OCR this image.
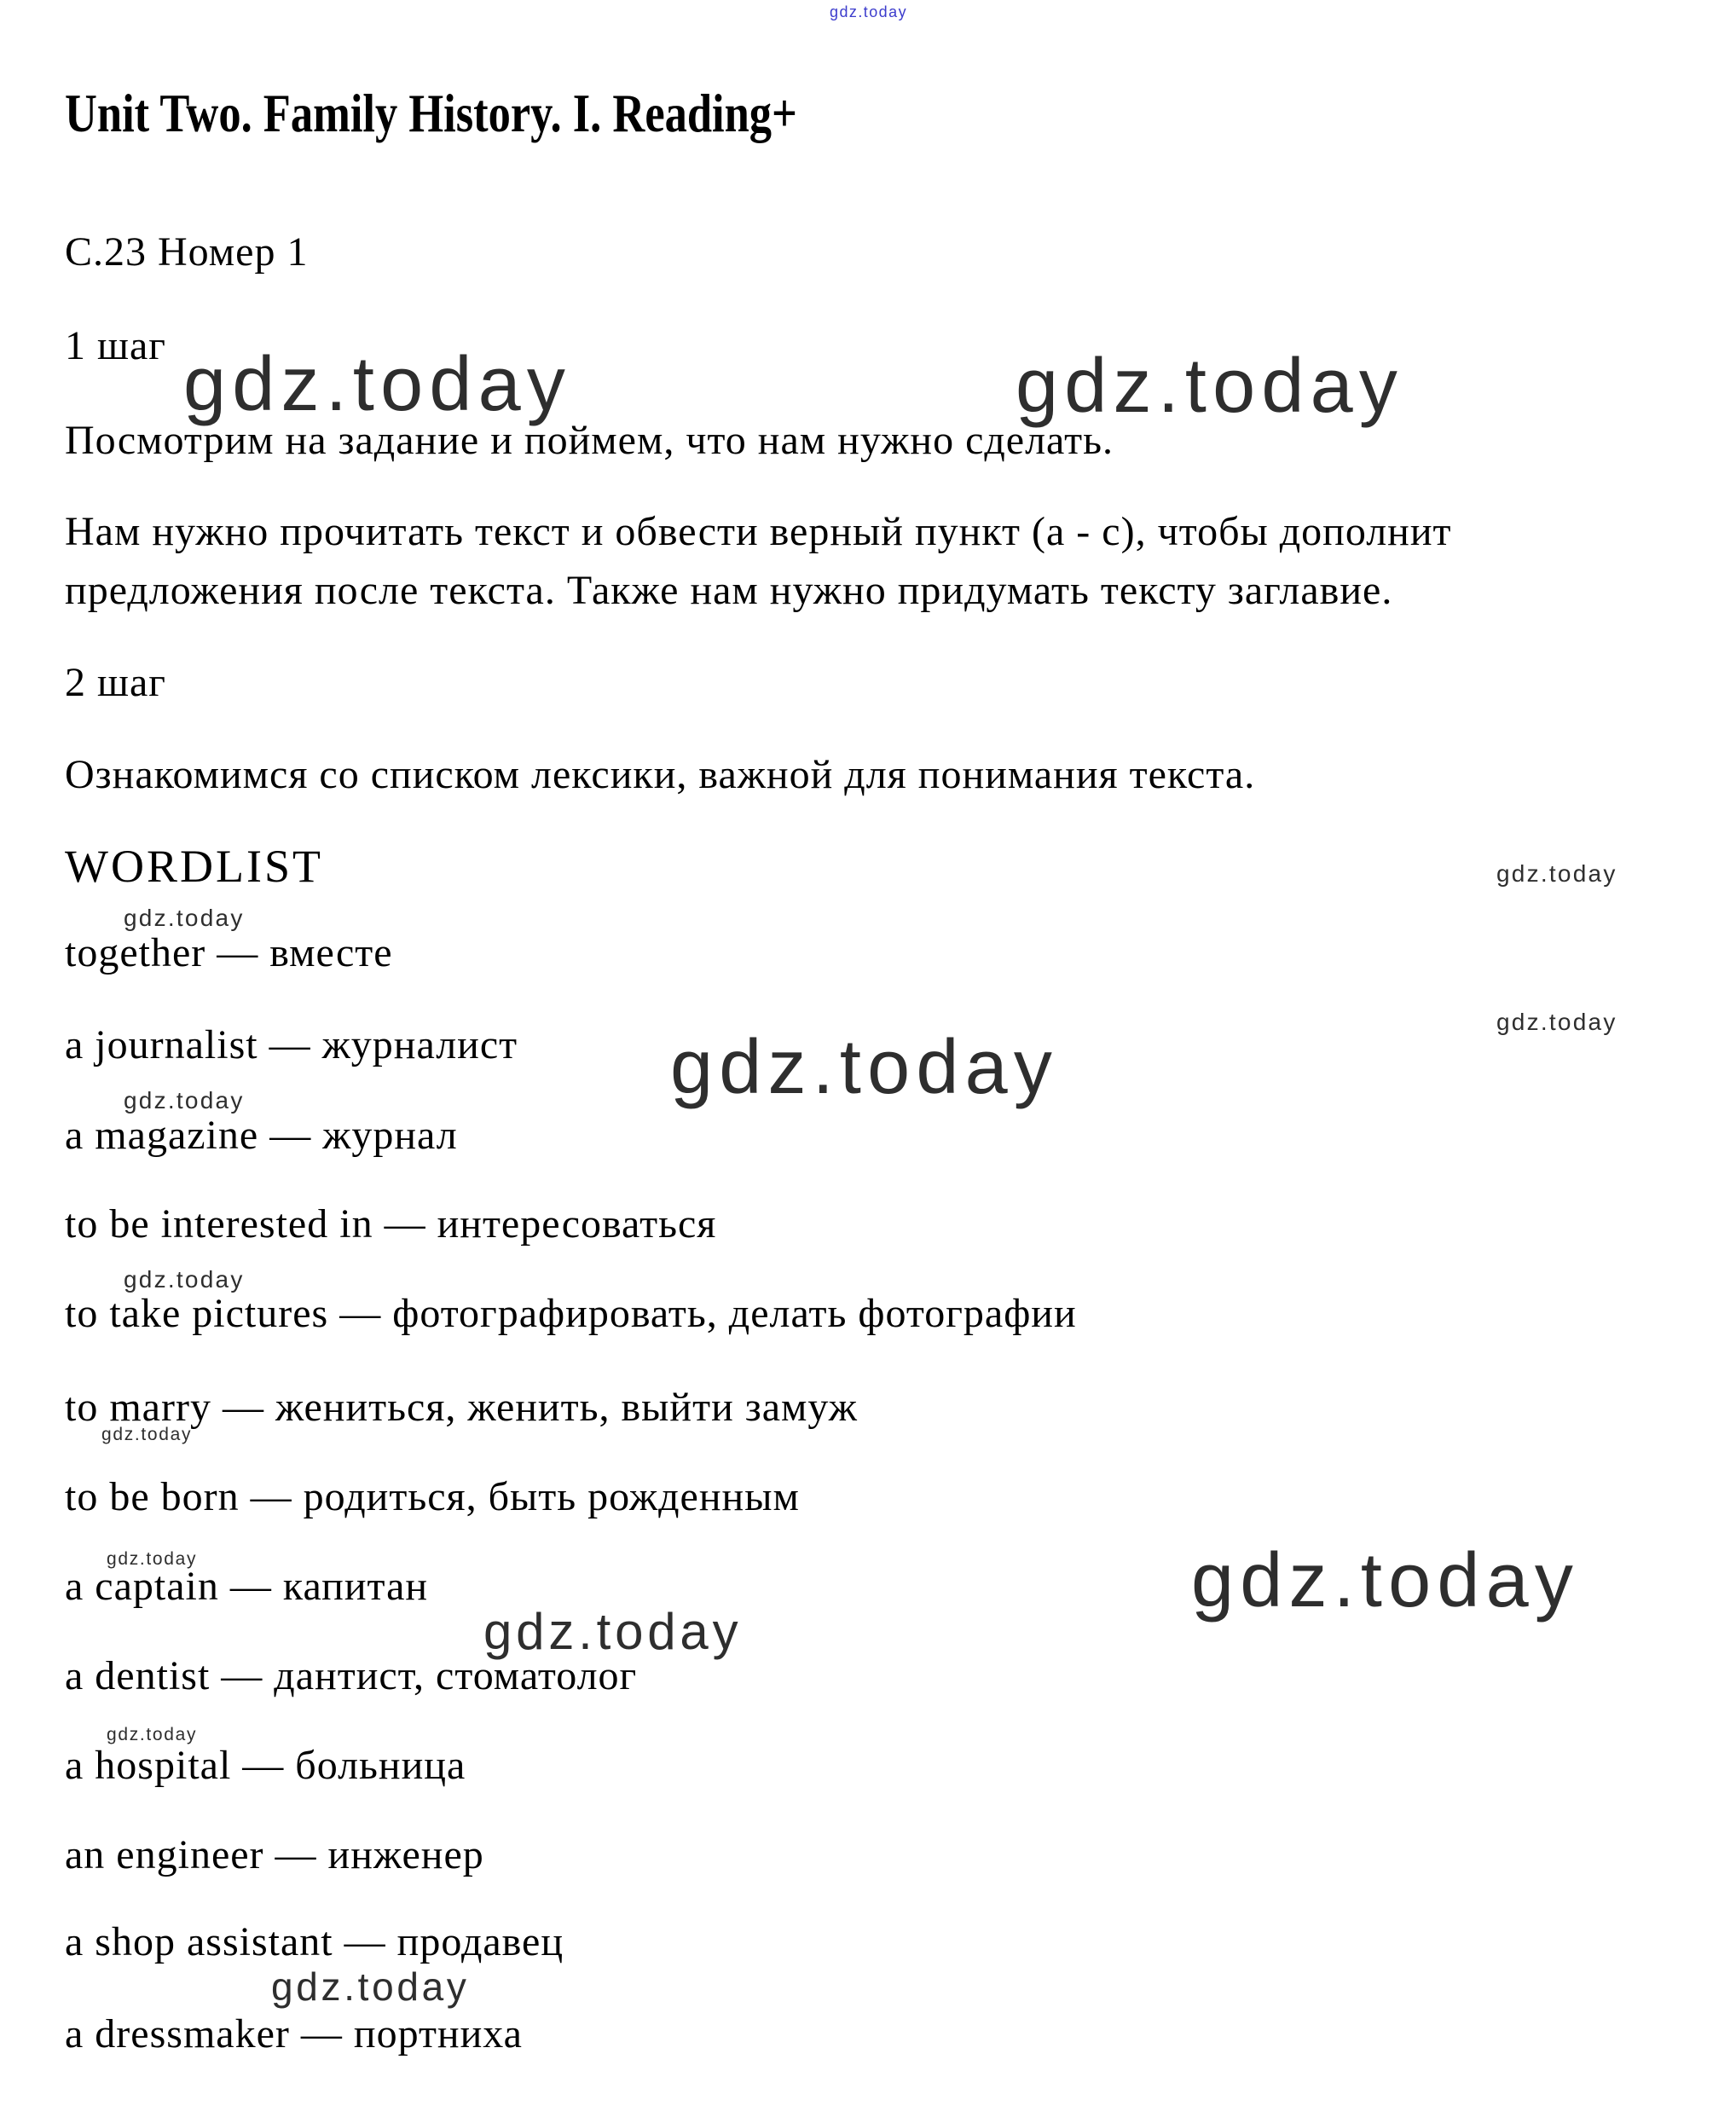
gdz.today
gdz.today	gdz.today
gdz.today
gdz.today
gdz.today
gdz.today
gdz.today
gdz.today
gdz.today
gdz.today	gdz.today
gdz.today
gdz.today
gdz.today
Unit Two. Family History. I. Reading+
С.23 Номер 1
1 шаг
Посмотрим на задание и поймем, что нам нужно сделать.
Нам нужно прочитать текст и обвести верный пункт (a - c), чтобы дополнит
предложения после текста. Также нам нужно придумать тексту заглавие.
2 шаг
Ознакомимся со списком лексики, важной для понимания текста.
WORDLIST
together — вместе
a journalist — журналист
a magazine — журнал
to be interested in — интересоваться
to take pictures — фотографировать, делать фотографии
to marry — жениться, женить, выйти замуж
to be born — родиться, быть рожденным
a captain — капитан
a dentist — дантист, стоматолог
a hospital — больница
an engineer — инженер
a shop assistant — продавец
a dressmaker — портниха
